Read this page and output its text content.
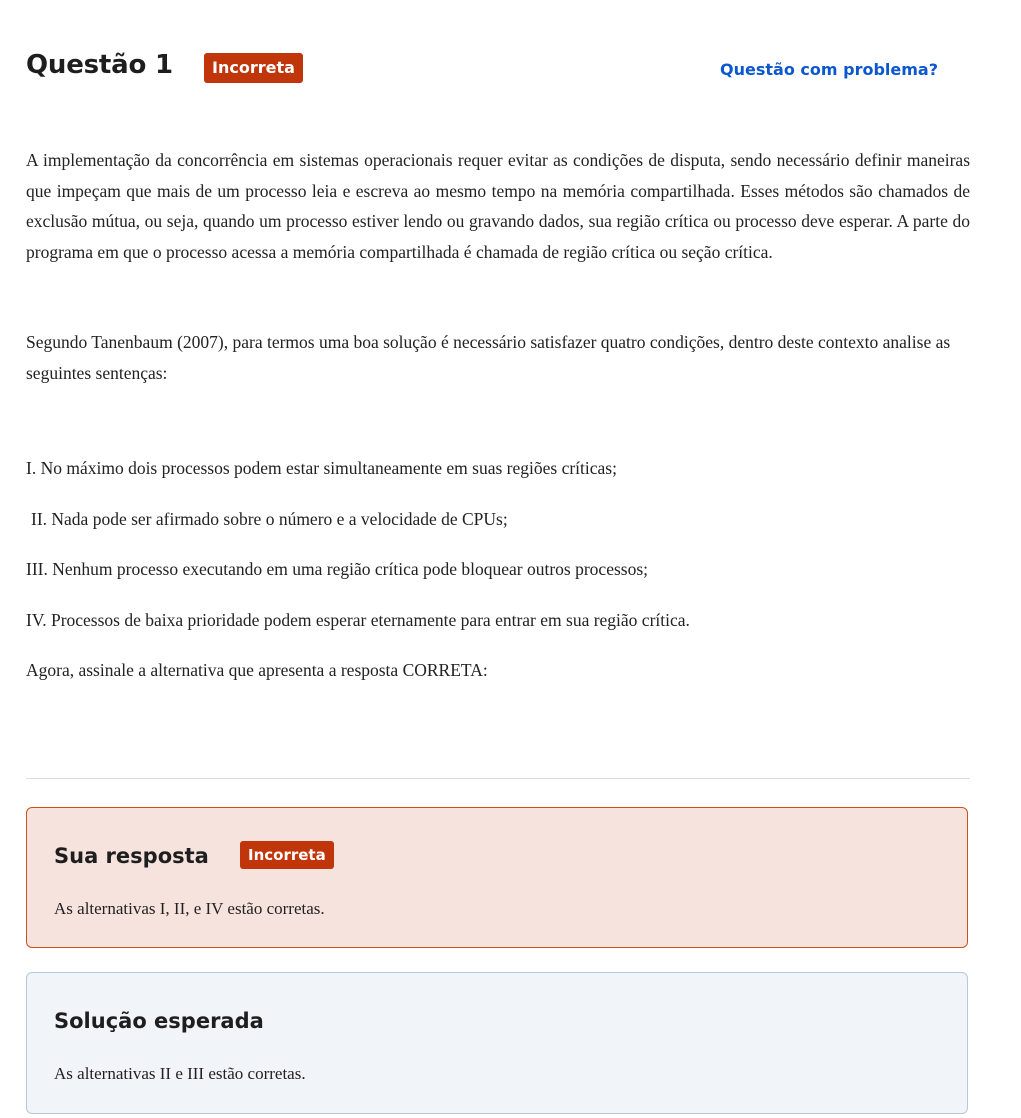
Questão 1	Incorreta	Questão com problema?

A implementação da concorrência em sistemas operacionais requer evitar as condições de disputa, sendo necessário definir maneiras que impeçam que mais de um processo leia e escreva ao mesmo tempo na memória compartilhada. Esses métodos são chamados de exclusão mútua, ou seja, quando um processo estiver lendo ou gravando dados, sua região crítica ou processo deve esperar. A parte do programa em que o processo acessa a memória compartilhada é chamada de região crítica ou seção crítica.

Segundo Tanenbaum (2007), para termos uma boa solução é necessário satisfazer quatro condições, dentro deste contexto analise as seguintes sentenças:

I. No máximo dois processos podem estar simultaneamente em suas regiões críticas;

II. Nada pode ser afirmado sobre o número e a velocidade de CPUs;

III. Nenhum processo executando em uma região crítica pode bloquear outros processos;

IV. Processos de baixa prioridade podem esperar eternamente para entrar em sua região crítica.

Agora, assinale a alternativa que apresenta a resposta CORRETA:

Sua resposta	Incorreta
As alternativas I, II, e IV estão corretas.
Solução esperada
As alternativas II e III estão corretas.
